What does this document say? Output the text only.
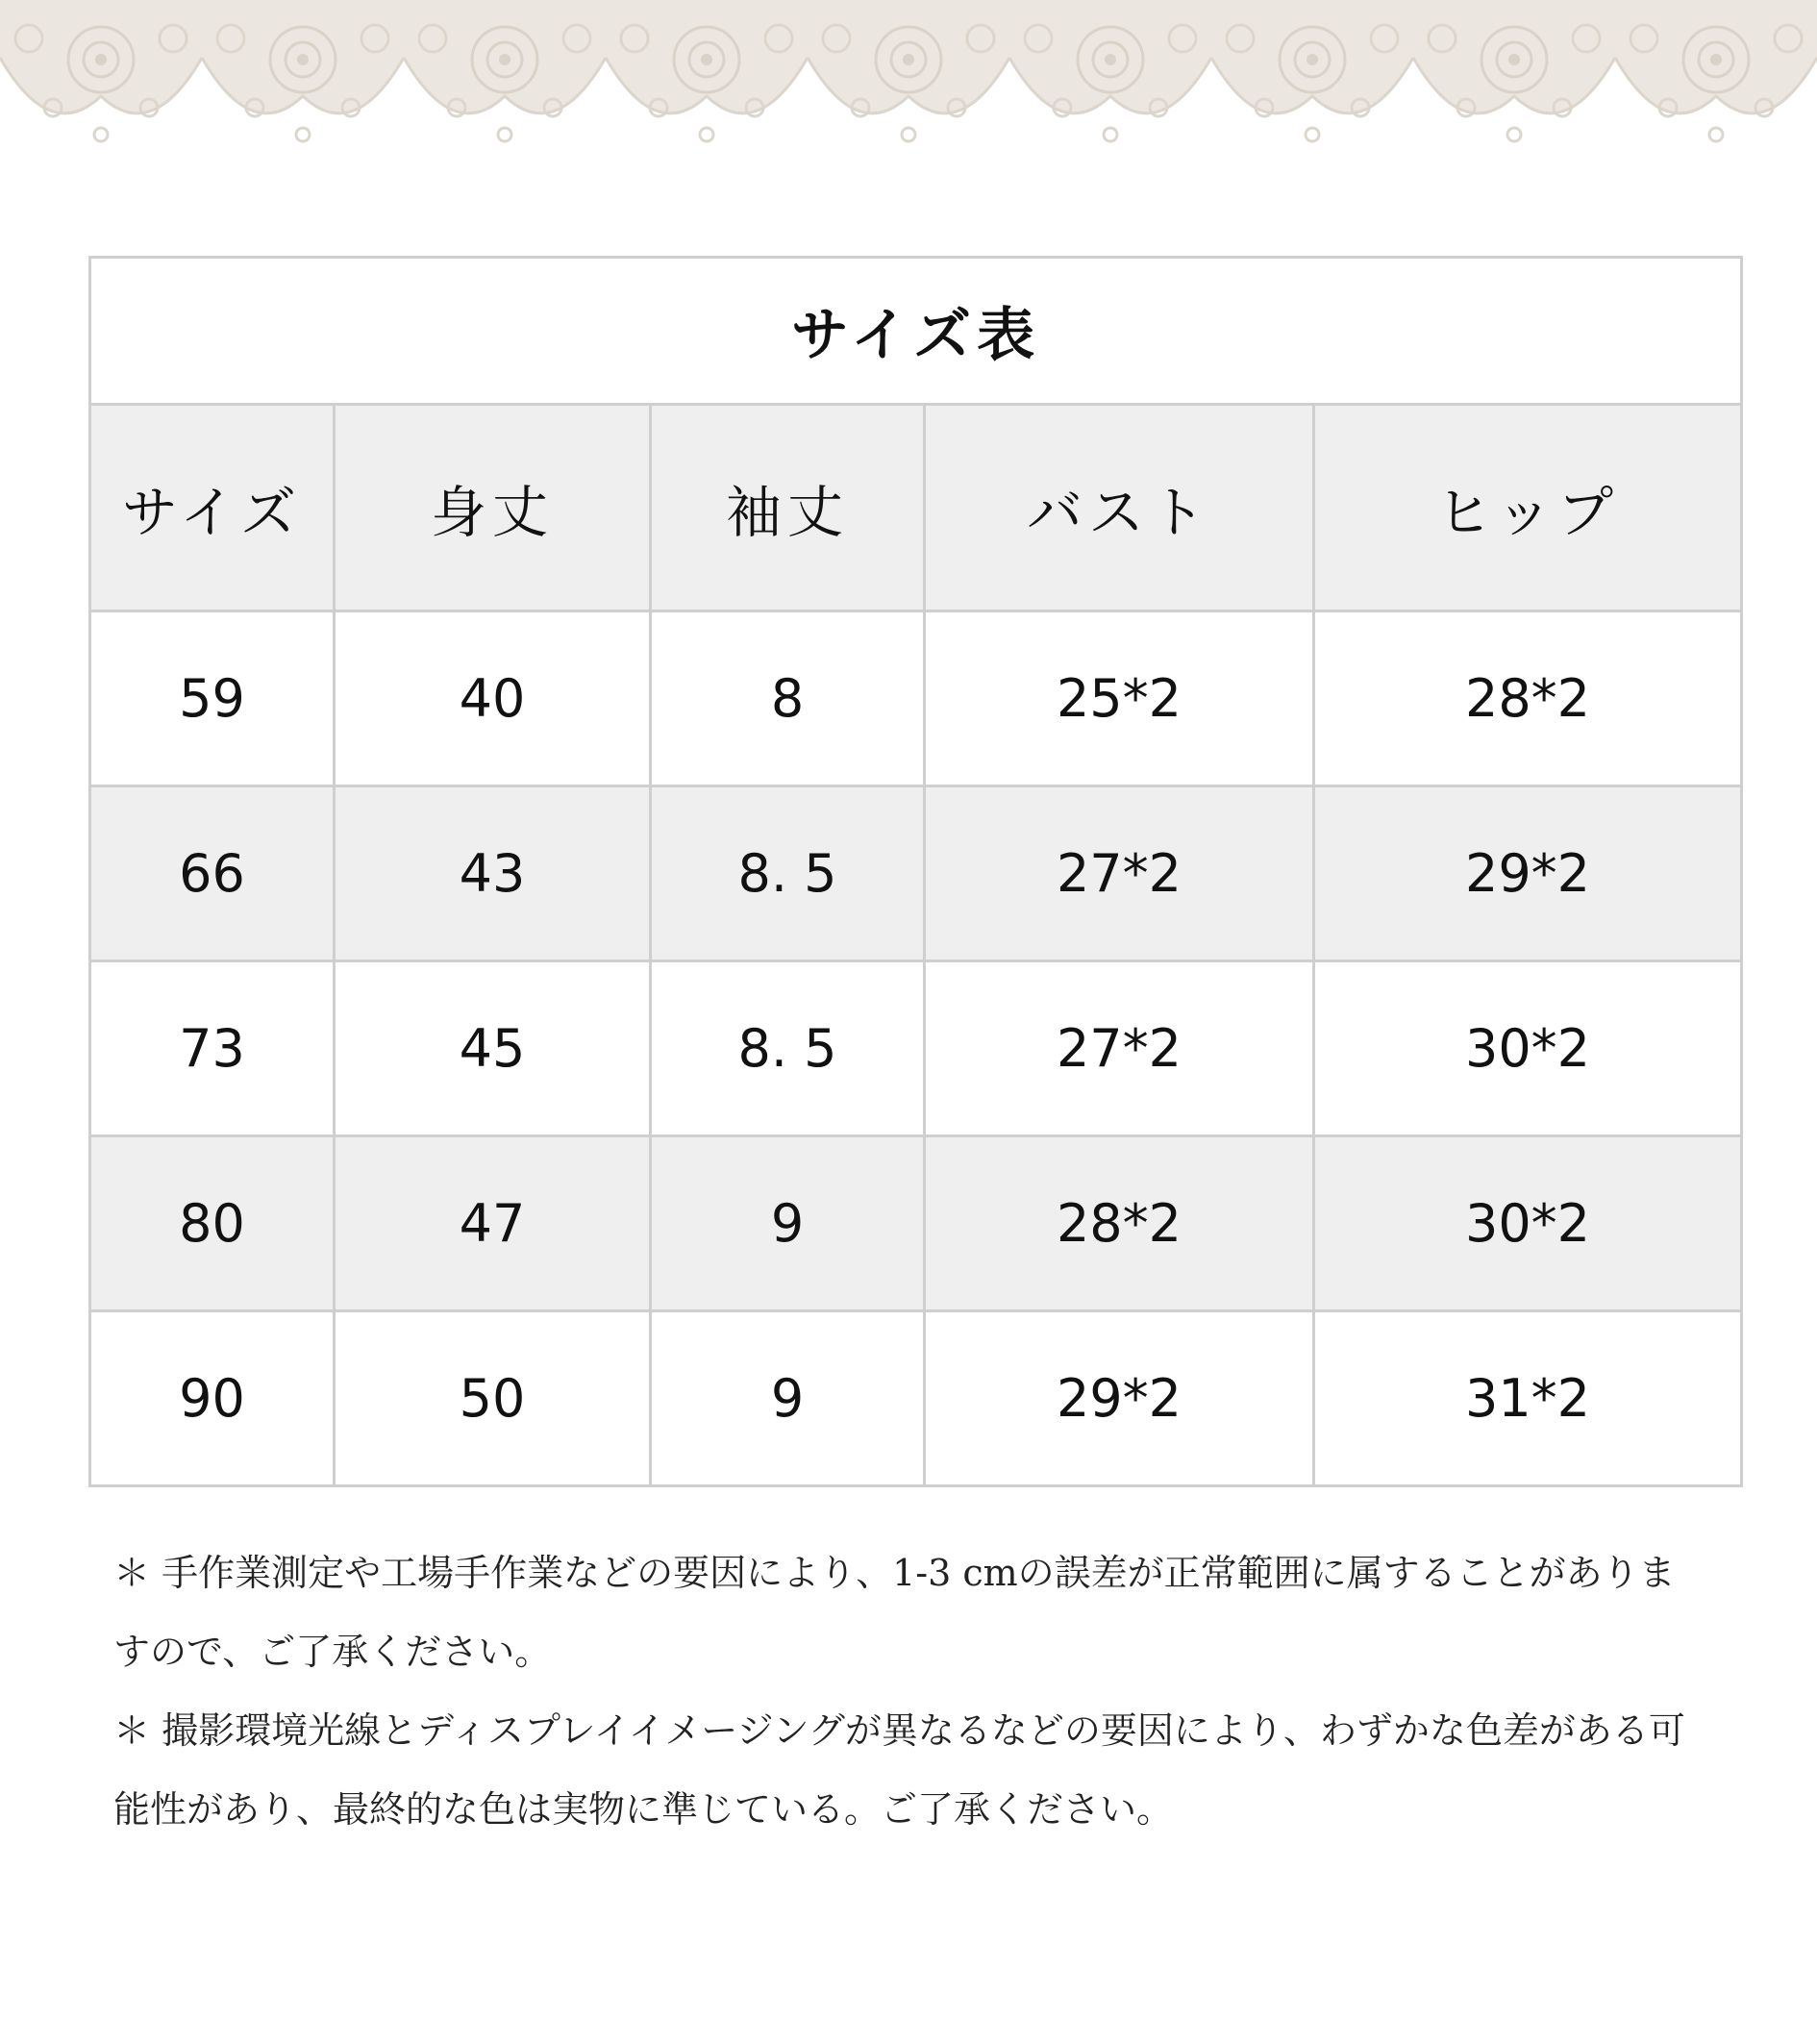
サイズ表				
サイズ	身丈	袖丈	バスト	ヒップ
59	40	8	25*2	28*2
66	43	8. 5	27*2	29*2
73	45	8. 5	27*2	30*2
80	47	9	28*2	30*2
90	50	9	29*2	31*2

＊ 手作業測定や工場手作業などの要因により、1-3 cmの誤差が正常範囲に属することがありますので、ご了承ください。

＊ 撮影環境光線とディスプレイイメージングが異なるなどの要因により、わずかな色差がある可能性があり、最終的な色は実物に準じている。ご了承ください。
